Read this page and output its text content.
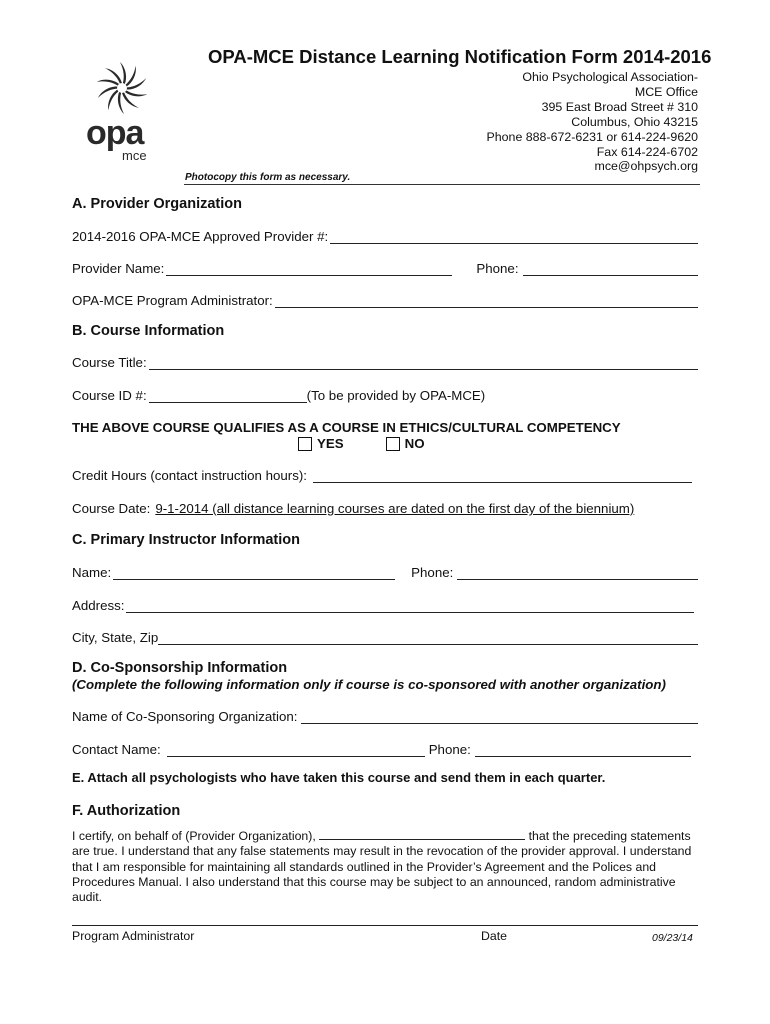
opa
mce
OPA-MCE Distance Learning Notification Form 2014-2016
Ohio Psychological Association-
MCE Office
395 East Broad Street # 310
Columbus, Ohio 43215
Phone 888-672-6231 or 614-224-9620
Fax 614-224-6702
mce@ohpsych.org
Photocopy this form as necessary.
A. Provider Organization
2014-2016 OPA-MCE Approved Provider #:
Provider Name:	Phone:
OPA-MCE Program Administrator:
B. Course Information
Course Title:
Course ID #:	(To be provided by OPA-MCE)
THE ABOVE COURSE QUALIFIES AS A COURSE IN ETHICS/CULTURAL COMPETENCY
YES	NO
Credit Hours (contact instruction hours):
Course Date: 9-1-2014 (all distance learning courses are dated on the first day of the biennium)
C. Primary Instructor Information
Name:	Phone:
Address:
City, State, Zip
D. Co-Sponsorship Information
(Complete the following information only if course is co-sponsored with another organization)
Name of Co-Sponsoring Organization:
Contact Name:	Phone:
E. Attach all psychologists who have taken this course and send them in each quarter.
F. Authorization
I certify, on behalf of (Provider Organization),	that the preceding statements are true. I understand that any false statements may result in the revocation of the provider approval. I understand that I am responsible for maintaining all standards outlined in the Provider’s Agreement and the Polices and Procedures Manual. I also understand that this course may be subject to an announced, random administrative audit.
Program Administrator	Date	09/23/14
